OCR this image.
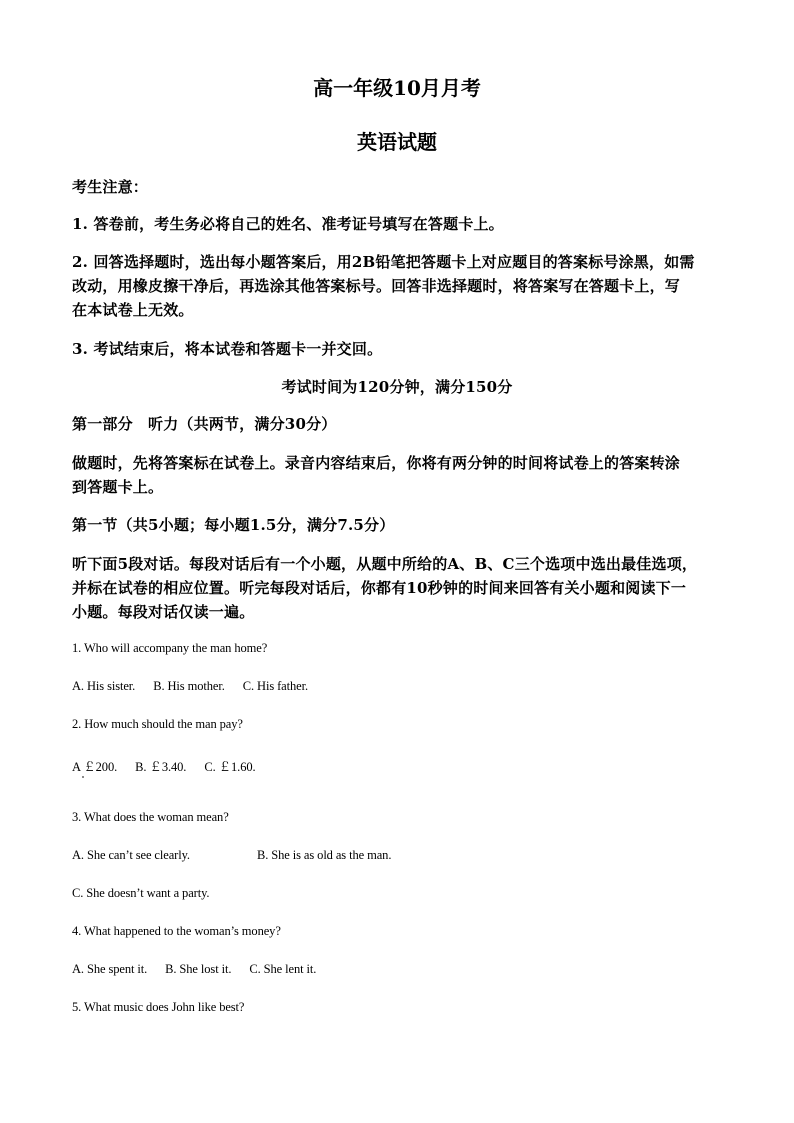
高一年级10月月考
英语试题
考生注意：
1. 答卷前，考生务必将自己的姓名、准考证号填写在答题卡上。
2. 回答选择题时，选出每小题答案后，用2B铅笔把答题卡上对应题目的答案标号涂黑，如需
改动，用橡皮擦干净后，再选涂其他答案标号。回答非选择题时，将答案写在答题卡上，写
在本试卷上无效。
3. 考试结束后，将本试卷和答题卡一并交回。
考试时间为120分钟，满分150分
第一部分　听力（共两节，满分30分）
做题时，先将答案标在试卷上。录音内容结束后，你将有两分钟的时间将试卷上的答案转涂
到答题卡上。
第一节（共5小题；每小题1.5分，满分7.5分）
听下面5段对话。每段对话后有一个小题，从题中所给的A、B、C三个选项中选出最佳选项，
并标在试卷的相应位置。听完每段对话后，你都有10秒钟的时间来回答有关小题和阅读下一
小题。每段对话仅读一遍。
1. Who will accompany the man home?
A. His sister. B. His mother. C. His father.
2. How much should the man pay?
A ￡200. B. ￡3.40. C. ￡1.60.
3. What does the woman mean?
A. She can’t see clearly.	B. She is as old as the man.
C. She doesn’t want a party.
4. What happened to the woman’s money?
A. She spent it. B. She lost it. C. She lent it.
5. What music does John like best?
